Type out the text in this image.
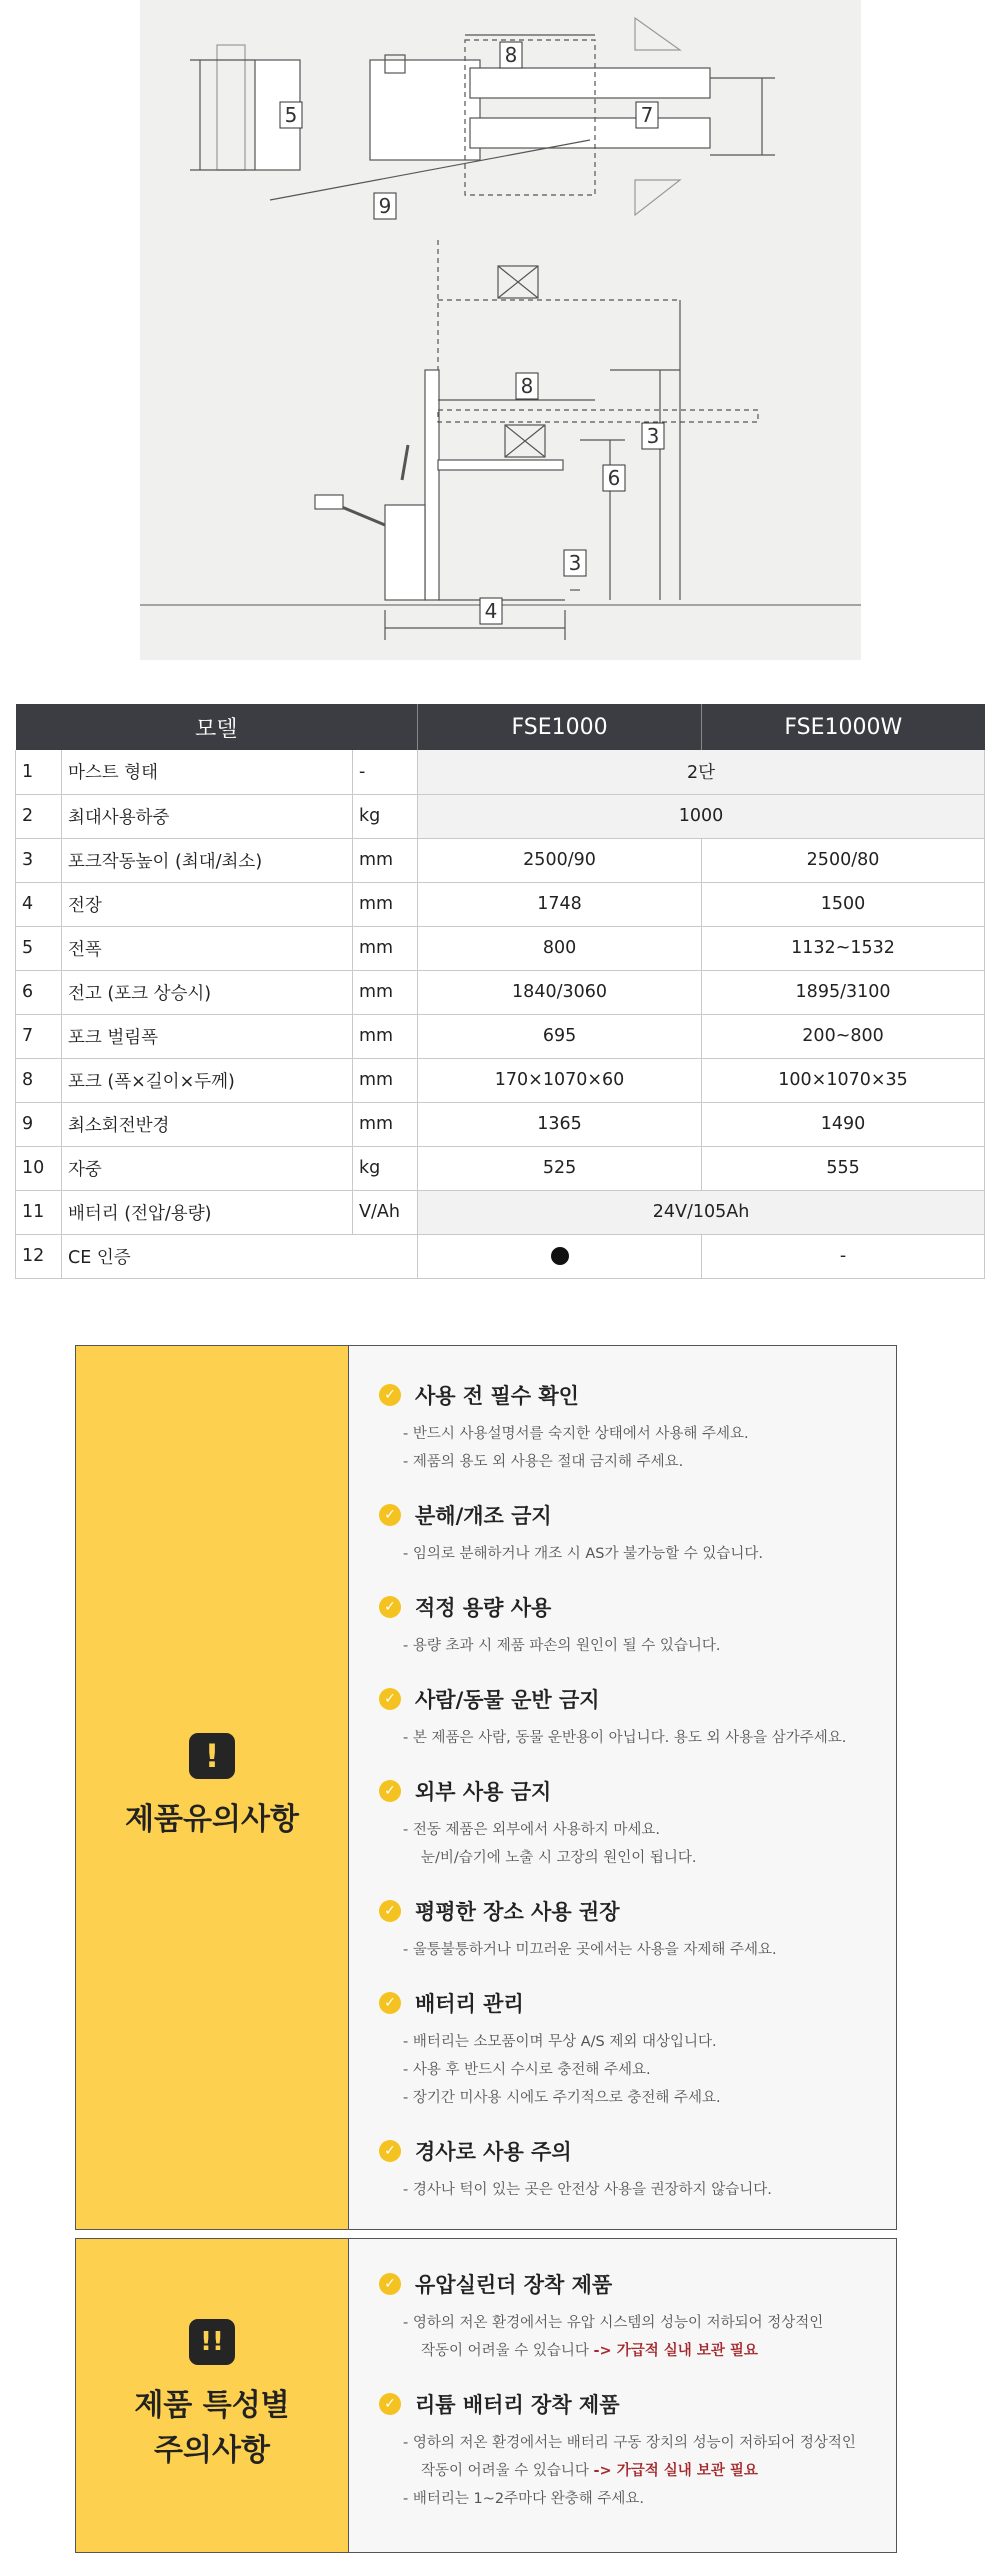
8
5	7
9
8
3
6
3
4
모델			FSE1000	FSE1000W
1	마스트 형태	-	2단	
2	최대사용하중	kg	1000	
3	포크작동높이 (최대/최소)	mm	2500/90	2500/80
4	전장	mm	1748	1500
5	전폭	mm	800	1132~1532
6	전고 (포크 상승시)	mm	1840/3060	1895/3100
7	포크 벌림폭	mm	695	200~800
8	포크 (폭×길이×두께)	mm	170×1070×60	100×1070×35
9	최소회전반경	mm	1365	1490
10	자중	kg	525	555
11	배터리 (전압/용량)	V/Ah	24V/105Ah	
12	CE 인증			-
!
제품유의사항
✓ 사용 전 필수 확인
- 반드시 사용설명서를 숙지한 상태에서 사용해 주세요.
- 제품의 용도 외 사용은 절대 금지해 주세요.
✓ 분해/개조 금지
- 임의로 분해하거나 개조 시 AS가 불가능할 수 있습니다.
✓ 적정 용량 사용
- 용량 초과 시 제품 파손의 원인이 될 수 있습니다.
✓ 사람/동물 운반 금지
- 본 제품은 사람, 동물 운반용이 아닙니다. 용도 외 사용을 삼가주세요.
✓ 외부 사용 금지
- 전동 제품은 외부에서 사용하지 마세요.
눈/비/습기에 노출 시 고장의 원인이 됩니다.
✓ 평평한 장소 사용 권장
- 울퉁불퉁하거나 미끄러운 곳에서는 사용을 자제해 주세요.
✓ 배터리 관리
- 배터리는 소모품이며 무상 A/S 제외 대상입니다.
- 사용 후 반드시 수시로 충전해 주세요.
- 장기간 미사용 시에도 주기적으로 충전해 주세요.
✓ 경사로 사용 주의
- 경사나 턱이 있는 곳은 안전상 사용을 권장하지 않습니다.
!!
제품 특성별
주의사항
✓ 유압실린더 장착 제품
- 영하의 저온 환경에서는 유압 시스템의 성능이 저하되어 정상적인
작동이 어려울 수 있습니다 -> 가급적 실내 보관 필요
✓ 리튬 배터리 장착 제품
- 영하의 저온 환경에서는 배터리 구동 장치의 성능이 저하되어 정상적인
작동이 어려울 수 있습니다 -> 가급적 실내 보관 필요
- 배터리는 1~2주마다 완충해 주세요.
